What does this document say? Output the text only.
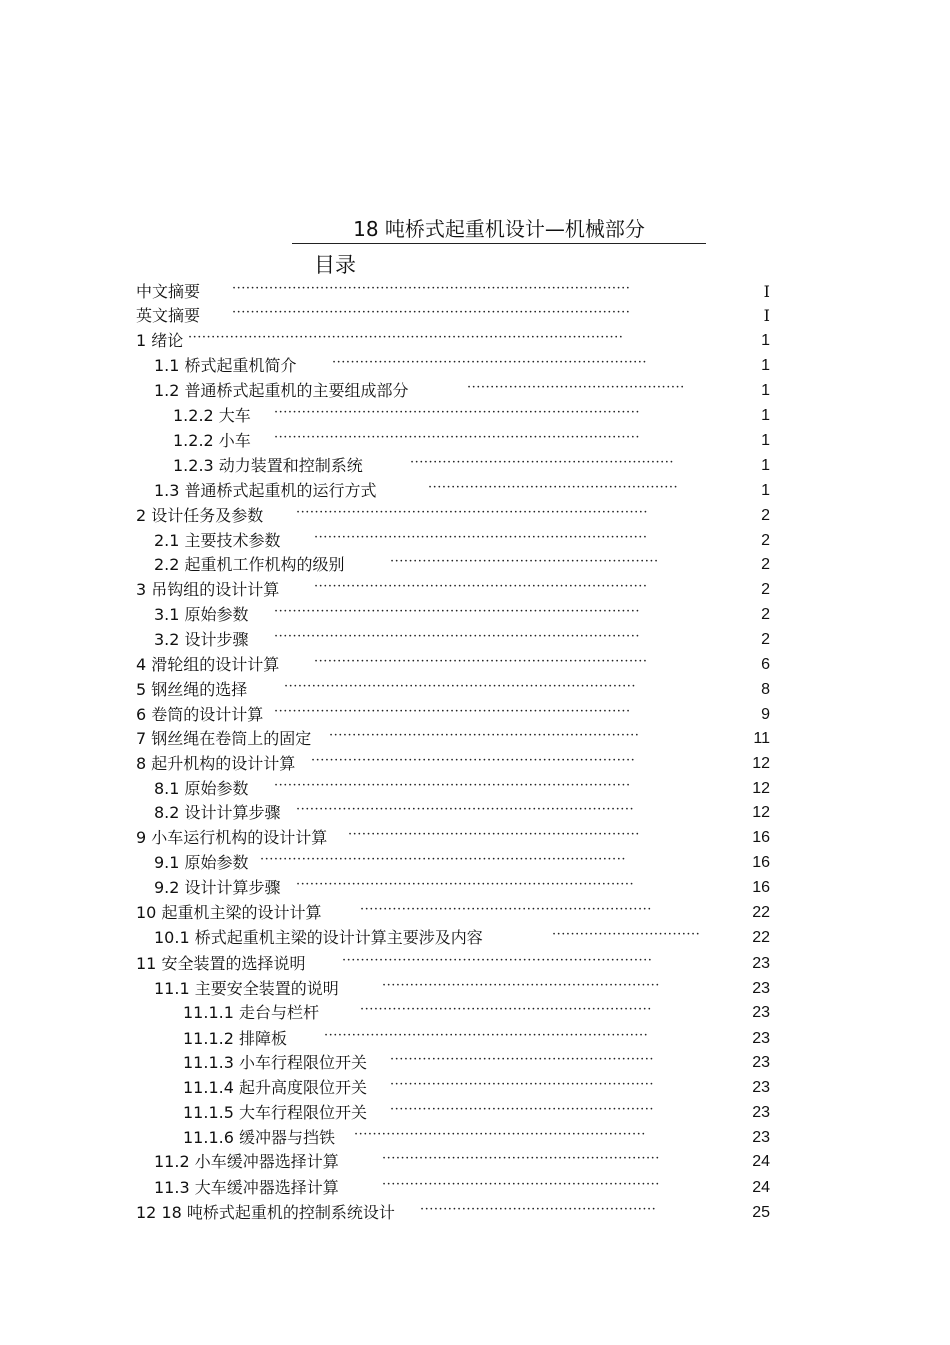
18 吨桥式起重机设计—机械部分
目录
中文摘要 ······················································································	I
英文摘要 ······················································································	I
1 绪论 ······························································································	1
1.1 桥式起重机简介	····································································	1
1.2 普通桥式起重机的主要组成部分	···············································	1
1.2.2 大车 ···············································································	1
1.2.2 小车 ···············································································	1
1.2.3 动力装置和控制系统	·························································	1
1.3 普通桥式起重机的运行方式	······················································	1
2 设计任务及参数	············································································	2
2.1 主要技术参数	········································································	2
2.2 起重机工作机构的级别	··························································	2
3 吊钩组的设计计算	········································································	2
3.1 原始参数 ···············································································	2
3.2 设计步骤 ···············································································	2
4 滑轮组的设计计算	········································································	6
5 钢丝绳的选择	············································································	8
6 卷筒的设计计算 ·············································································	9
7 钢丝绳在卷筒上的固定 ···································································	11
8 起升机构的设计计算 ······································································	12
8.1 原始参数 ·············································································	12
8.2 设计计算步骤 ·········································································	12
9 小车运行机构的设计计算 ·······························································	16
9.1 原始参数 ···············································································	16
9.2 设计计算步骤 ·········································································	16
10 起重机主梁的设计计算	·······························································	22
10.1 桥式起重机主梁的设计计算主要涉及内容	································	22
11 安全装置的选择说明	···································································	23
11.1 主要安全装置的说明	····························································	23
11.1.1 走台与栏杆	·······························································	23
11.1.2 排障板	······································································	23
11.1.3 小车行程限位开关 ·························································	23
11.1.4 起升高度限位开关 ·························································	23
11.1.5 大车行程限位开关 ·························································	23
11.1.6 缓冲器与挡铁 ·······························································	23
11.2 小车缓冲器选择计算	····························································	24
11.3 大车缓冲器选择计算	····························································	24
12 18 吨桥式起重机的控制系统设计 ···················································	25
